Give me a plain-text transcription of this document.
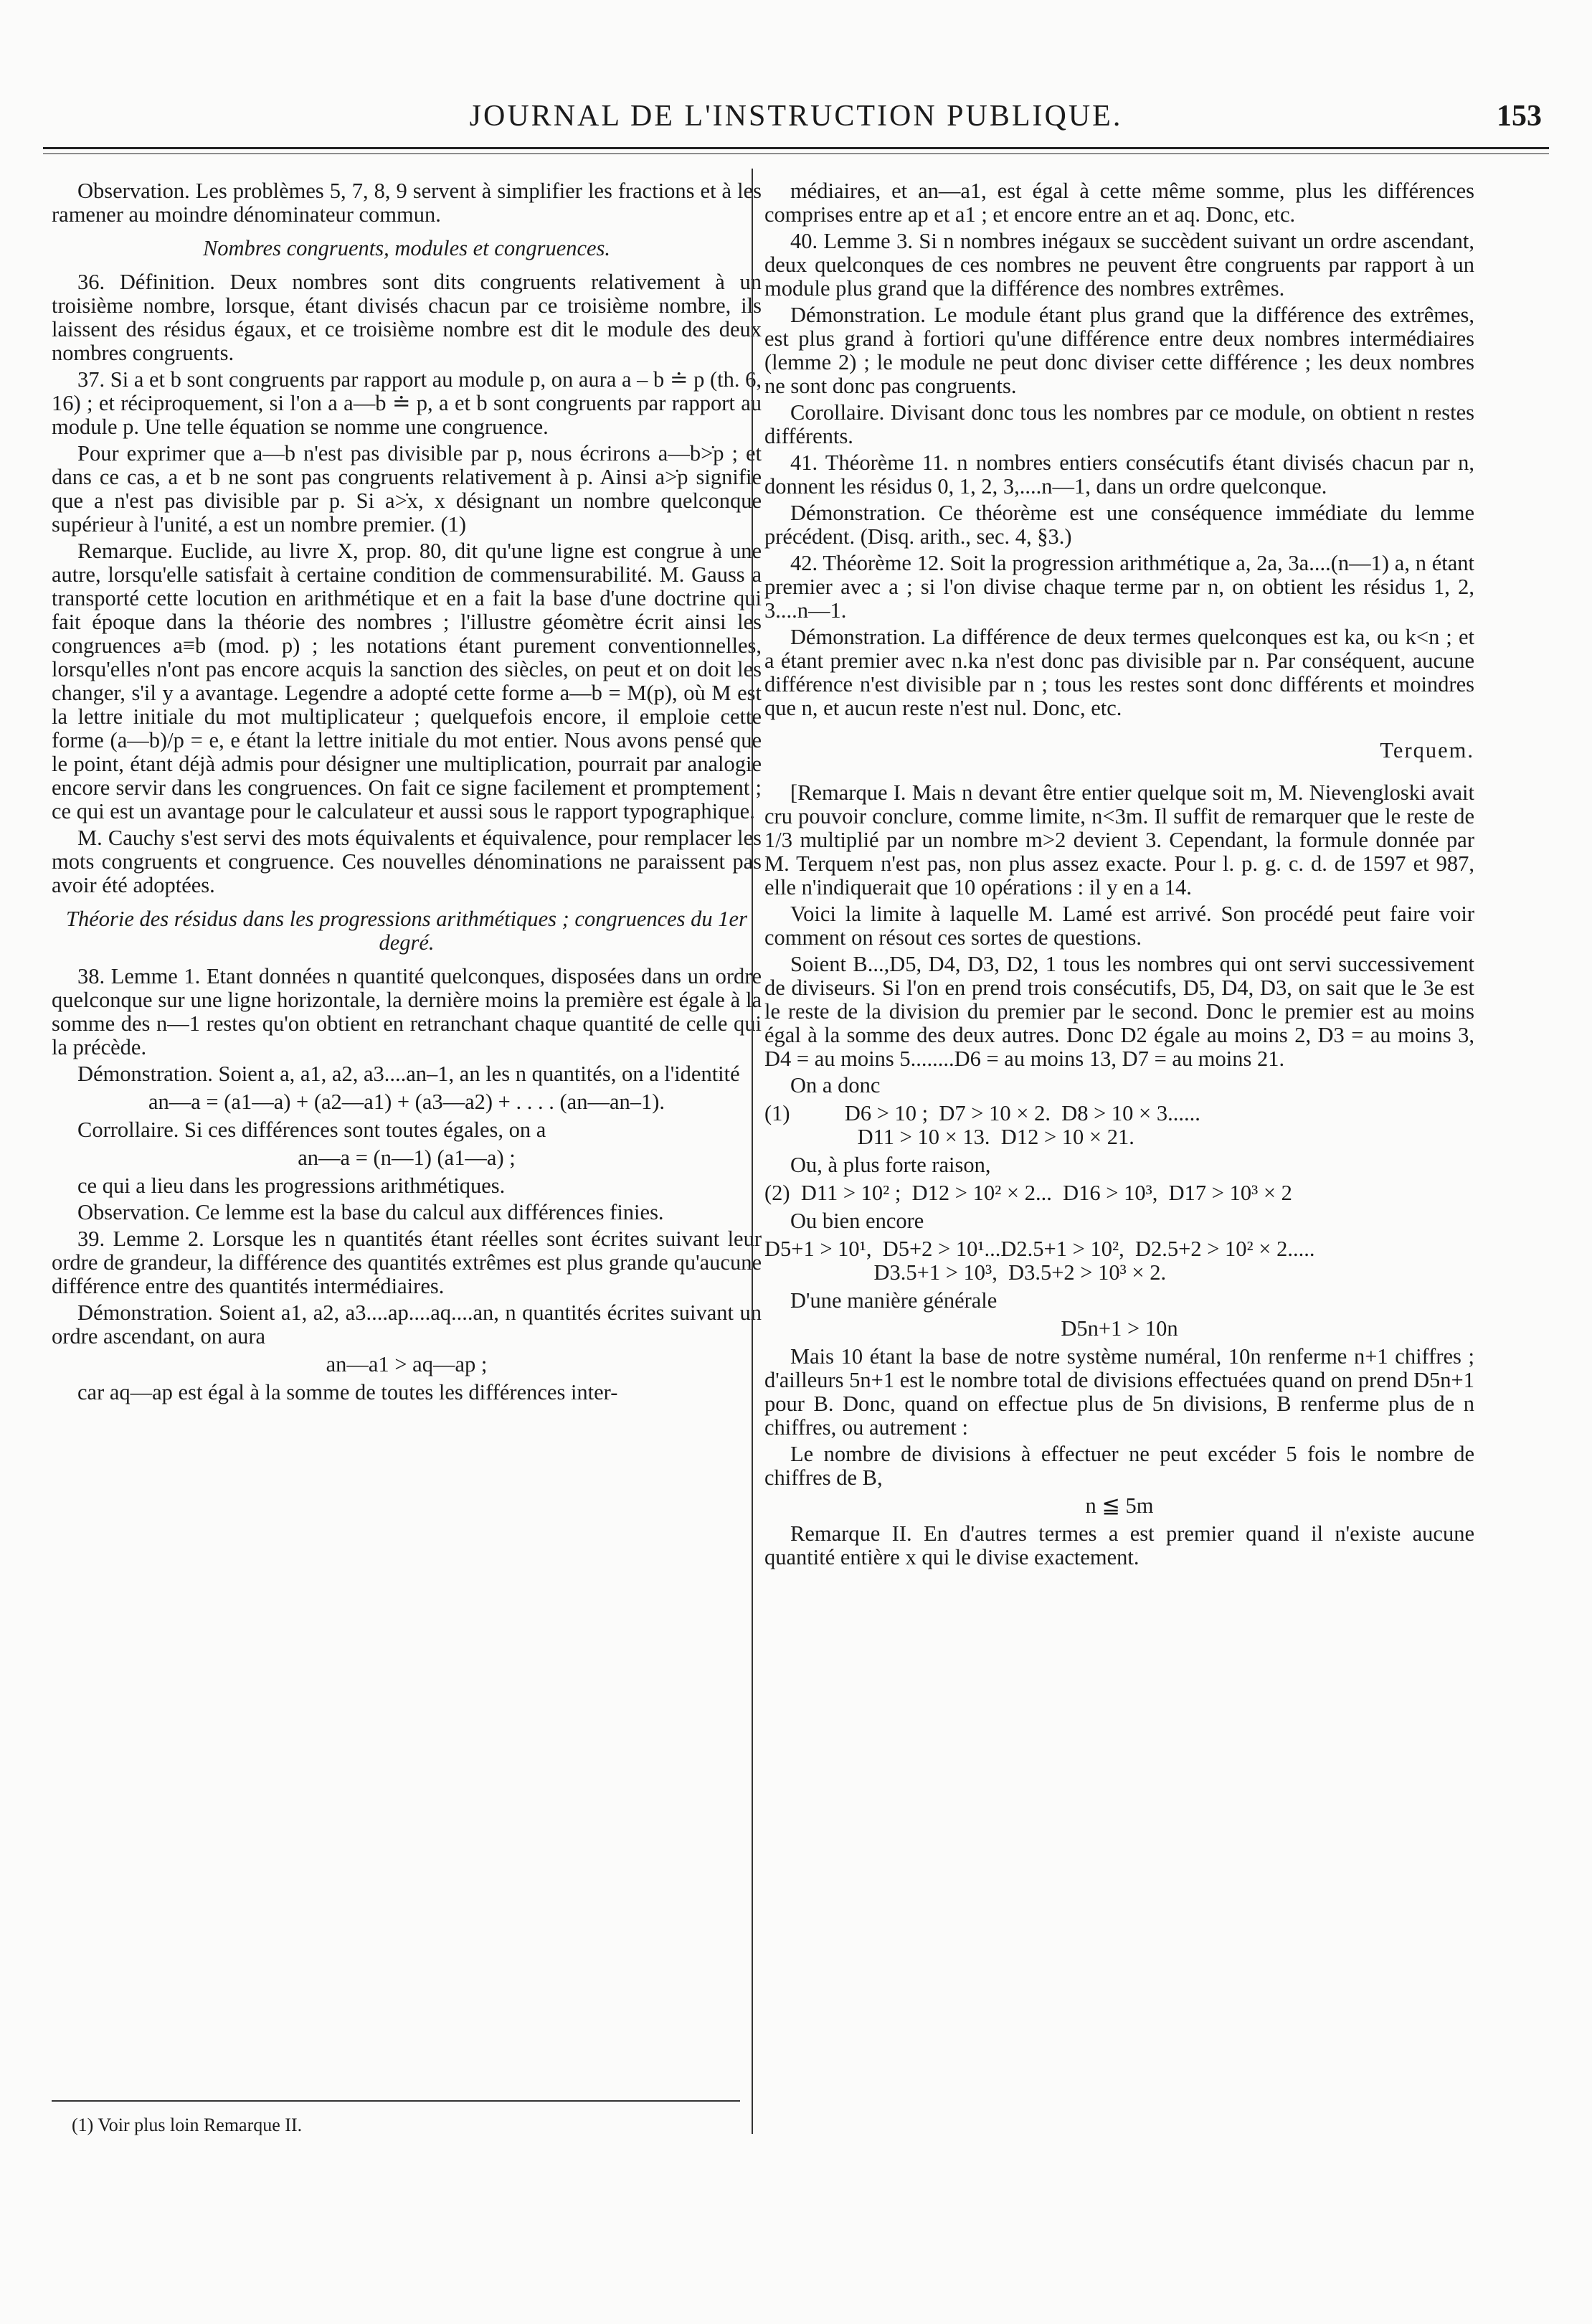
JOURNAL DE L'INSTRUCTION PUBLIQUE.	153

Observation. Les problèmes 5, 7, 8, 9 servent à simplifier les fractions et à les ramener au moindre dénominateur commun.

Nombres congruents, modules et congruences.

36. Définition. Deux nombres sont dits congruents relativement à un troisième nombre, lorsque, étant divisés chacun par ce troisième nombre, ils laissent des résidus égaux, et ce troisième nombre est dit le module des deux nombres congruents.

37. Si a et b sont congruents par rapport au module p, on aura a – b ≐ p (th. 6, 16) ; et réciproquement, si l'on a a—b ≐ p, a et b sont congruents par rapport au module p. Une telle équation se nomme une congruence.

Pour exprimer que a—b n'est pas divisible par p, nous écrirons a—b>̇p ; et dans ce cas, a et b ne sont pas congruents relativement à p. Ainsi a>̇p signifie que a n'est pas divisible par p. Si a>̇x, x désignant un nombre quelconque supérieur à l'unité, a est un nombre premier. (1)

Remarque. Euclide, au livre X, prop. 80, dit qu'une ligne est congrue à une autre, lorsqu'elle satisfait à certaine condition de commensurabilité. M. Gauss a transporté cette locution en arithmétique et en a fait la base d'une doctrine qui fait époque dans la théorie des nombres ; l'illustre géomètre écrit ainsi les congruences a≡b (mod. p) ; les notations étant purement conventionnelles, lorsqu'elles n'ont pas encore acquis la sanction des siècles, on peut et on doit les changer, s'il y a avantage. Legendre a adopté cette forme a—b = M(p), où M est la lettre initiale du mot multiplicateur ; quelquefois encore, il emploie cette forme (a—b)/p = e, e étant la lettre initiale du mot entier. Nous avons pensé que le point, étant déjà admis pour désigner une multiplication, pourrait par analogie encore servir dans les congruences. On fait ce signe facilement et promptement ; ce qui est un avantage pour le calculateur et aussi sous le rapport typographique.

M. Cauchy s'est servi des mots équivalents et équivalence, pour remplacer les mots congruents et congruence. Ces nouvelles dénominations ne paraissent pas avoir été adoptées.

Théorie des résidus dans les progressions arithmétiques ; congruences du 1er degré.

38. Lemme 1. Etant données n quantité quelconques, disposées dans un ordre quelconque sur une ligne horizontale, la dernière moins la première est égale à la somme des n—1 restes qu'on obtient en retranchant chaque quantité de celle qui la précède.

Démonstration. Soient a, a1, a2, a3....an–1, an les n quantités, on a l'identité

an—a = (a1—a) + (a2—a1) + (a3—a2) + . . . . (an—an–1).

Corrollaire. Si ces différences sont toutes égales, on a

an—a = (n—1) (a1—a) ;

ce qui a lieu dans les progressions arithmétiques.

Observation. Ce lemme est la base du calcul aux différences finies.

39. Lemme 2. Lorsque les n quantités étant réelles sont écrites suivant leur ordre de grandeur, la différence des quantités extrêmes est plus grande qu'aucune différence entre des quantités intermédiaires.

Démonstration. Soient a1, a2, a3....ap....aq....an, n quantités écrites suivant un ordre ascendant, on aura

an—a1 > aq—ap ;

car aq—ap est égal à la somme de toutes les différences inter-

médiaires, et an—a1, est égal à cette même somme, plus les différences comprises entre ap et a1 ; et encore entre an et aq. Donc, etc.

40. Lemme 3. Si n nombres inégaux se succèdent suivant un ordre ascendant, deux quelconques de ces nombres ne peuvent être congruents par rapport à un module plus grand que la différence des nombres extrêmes.

Démonstration. Le module étant plus grand que la différence des extrêmes, est plus grand à fortiori qu'une différence entre deux nombres intermédiaires (lemme 2) ; le module ne peut donc diviser cette différence ; les deux nombres ne sont donc pas congruents.

Corollaire. Divisant donc tous les nombres par ce module, on obtient n restes différents.

41. Théorème 11. n nombres entiers consécutifs étant divisés chacun par n, donnent les résidus 0, 1, 2, 3,....n—1, dans un ordre quelconque.

Démonstration. Ce théorème est une conséquence immédiate du lemme précédent. (Disq. arith., sec. 4, §3.)

42. Théorème 12. Soit la progression arithmétique a, 2a, 3a....(n—1) a, n étant premier avec a ; si l'on divise chaque terme par n, on obtient les résidus 1, 2, 3....n—1.

Démonstration. La différence de deux termes quelconques est ka, ou k<n ; et a étant premier avec n.ka n'est donc pas divisible par n. Par conséquent, aucune différence n'est divisible par n ; tous les restes sont donc différents et moindres que n, et aucun reste n'est nul. Donc, etc.

Terquem.

[Remarque I. Mais n devant être entier quelque soit m, M. Nievengloski avait cru pouvoir conclure, comme limite, n<3m. Il suffit de remarquer que le reste de 1/3 multiplié par un nombre m>2 devient 3. Cependant, la formule donnée par M. Terquem n'est pas, non plus assez exacte. Pour l. p. g. c. d. de 1597 et 987, elle n'indiquerait que 10 opérations : il y en a 14.

Voici la limite à laquelle M. Lamé est arrivé. Son procédé peut faire voir comment on résout ces sortes de questions.

Soient B...,D5, D4, D3, D2, 1 tous les nombres qui ont servi successivement de diviseurs. Si l'on en prend trois consécutifs, D5, D4, D3, on sait que le 3e est le reste de la division du premier par le second. Donc le premier est au moins égal à la somme des deux autres. Donc D2 égale au moins 2, D3 = au moins 3, D4 = au moins 5........D6 = au moins 13, D7 = au moins 21.

On a donc

(1)          D6 > 10 ;  D7 > 10 × 2.  D8 > 10 × 3......
D11 > 10 × 13.  D12 > 10 × 21.

Ou, à plus forte raison,

(2)  D11 > 10² ;  D12 > 10² × 2...  D16 > 10³,  D17 > 10³ × 2

Ou bien encore

D5+1 > 10¹,  D5+2 > 10¹...D2.5+1 > 10²,  D2.5+2 > 10² × 2.....
D3.5+1 > 10³,  D3.5+2 > 10³ × 2.

D'une manière générale

D5n+1 > 10n

Mais 10 étant la base de notre système numéral, 10n renferme n+1 chiffres ; d'ailleurs 5n+1 est le nombre total de divisions effectuées quand on prend D5n+1 pour B. Donc, quand on effectue plus de 5n divisions, B renferme plus de n chiffres, ou autrement :

Le nombre de divisions à effectuer ne peut excéder 5 fois le nombre de chiffres de B,

n ≦ 5m

Remarque II. En d'autres termes a est premier quand il n'existe aucune quantité entière x qui le divise exactement.

(1) Voir plus loin Remarque II.
